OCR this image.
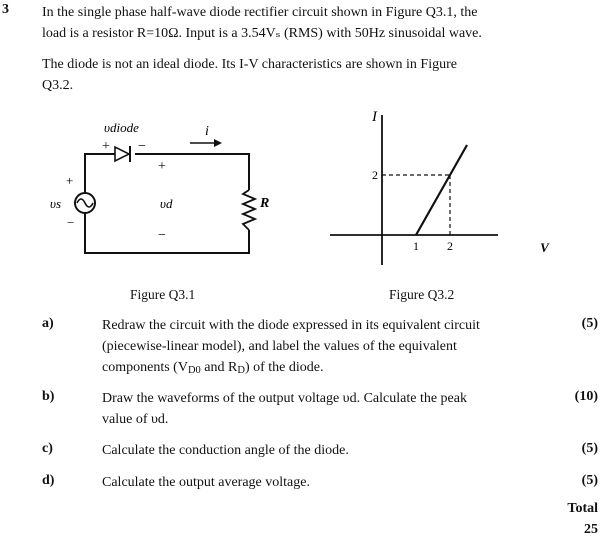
3 In the single phase half-wave diode rectifier circuit shown in Figure Q3.1, the
load is a resistor R=10Ω. Input is a 3.54Vₛ (RMS) with 50Hz sinusoidal wave.
The diode is not an ideal diode. Its I-V characteristics are shown in Figure
Q3.2.
υdiode	i
+ −
+
−
υs
+
υd
−
R
I
V
1 2
2
Figure Q3.1	Figure Q3.2
a)	Redraw the circuit with the diode expressed in its equivalent circuit
(piecewise-linear model), and label the values of the equivalent
components (VD0 and RD) of the diode.
(5)
b)	Draw the waveforms of the output voltage υd. Calculate the peak
value of υd.
(10)
c)	Calculate the conduction angle of the diode.	(5)
d)	Calculate the output average voltage.	(5)
Total
25
